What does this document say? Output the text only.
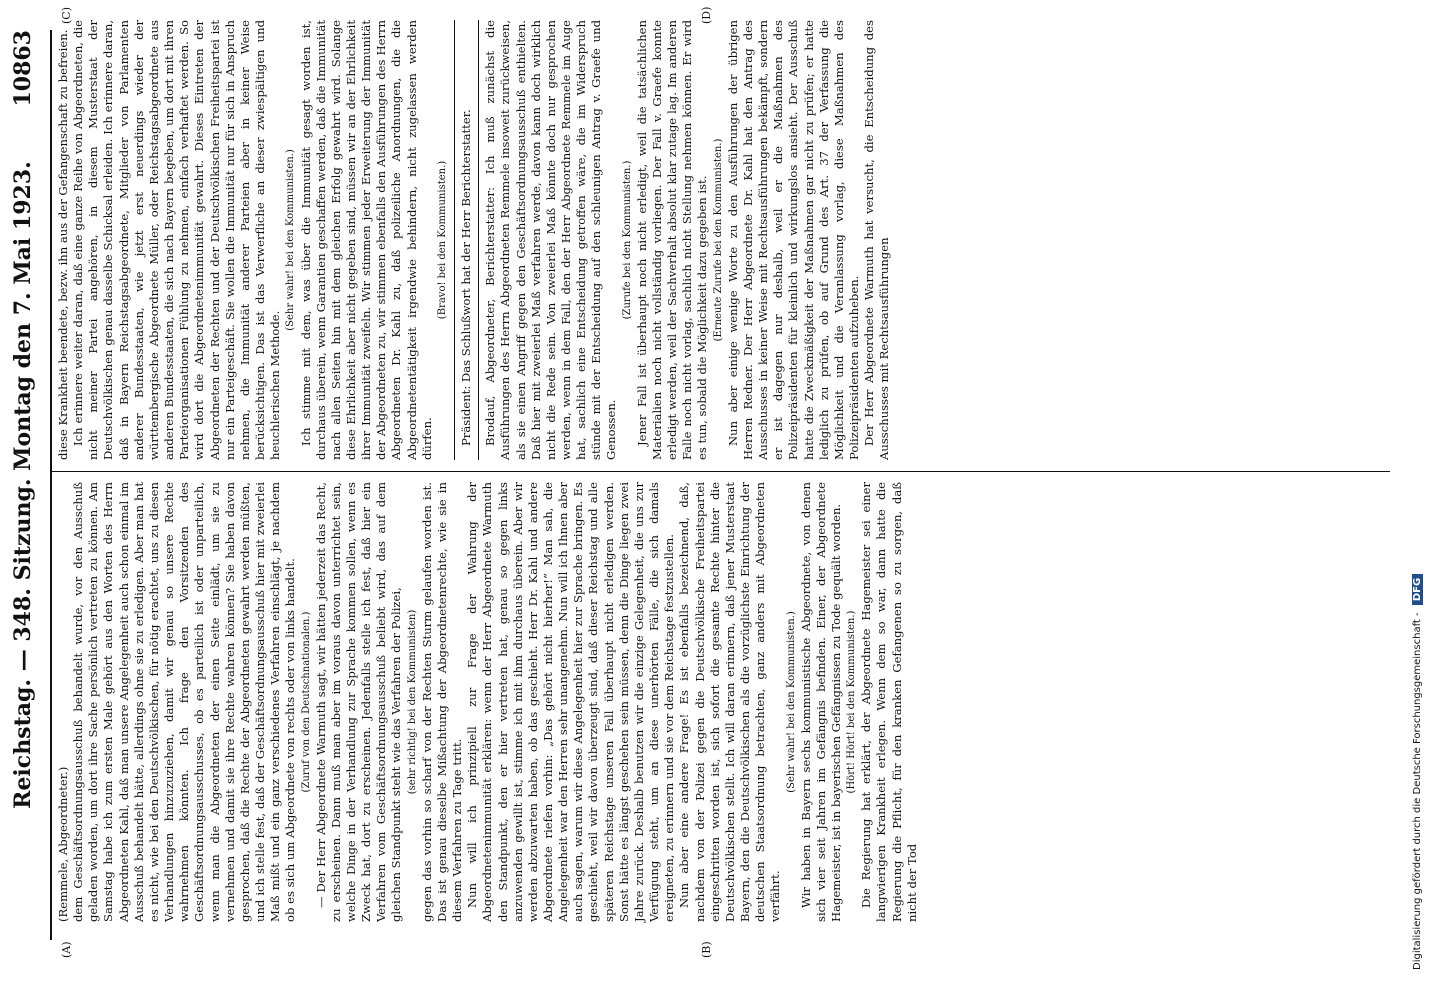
Reichstag. — 348. Sitzung. Montag den 7. Mai 1923.
10863
(A)	(B)
(C)	(D)

(Remmele, Abgeordneter.) dem Geschäftsordnungsausschuß behandelt wurde, vor den Ausschuß geladen worden, um dort ihre Sache persönlich vertreten zu können. Am Samstag habe ich zum ersten Male gehört aus den Worten des Herrn Abgeordneten Kahl, daß man unsere Angelegenheit auch schon einmal im Ausschuß behandelt hätte, allerdings ohne sie zu erledigen. Aber man hat es nicht, wie bei den Deutschvölkischen, für nötig erachtet, uns zu diesen Verhandlungen hinzuzuziehen, damit wir genau so unsere Rechte wahrnehmen könnten. Ich frage den Vorsitzenden des Geschäftsordnungsausschusses, ob es parteilich ist oder unparteilich, wenn man die Abgeordneten der einen Seite einlädt, um sie zu vernehmen und damit sie ihre Rechte wahren können? Sie haben davon gesprochen, daß die Rechte der Abgeordneten gewahrt werden müßten, und ich stelle fest, daß der Geschäftsordnungsausschuß hier mit zweierlei Maß mißt und ein ganz verschiedenes Verfahren einschlägt, je nachdem ob es sich um Abgeordnete von rechts oder von links handelt. (Zuruf von den Deutschnationalen.) — Der Herr Abgeordnete Warmuth sagt, wir hätten jederzeit das Recht, zu erscheinen. Dann muß man aber im voraus davon unterrichtet sein, welche Dinge in der Verhandlung zur Sprache kommen sollen, wenn es Zweck hat, dort zu erscheinen. Jedenfalls stelle ich fest, daß hier ein Verfahren vom Geschäftsordnungsausschuß beliebt wird, das auf dem gleichen Standpunkt steht wie das Verfahren der Polizei, (sehr richtig! bei den Kommunisten) gegen das vorhin so scharf von der Rechten Sturm gelaufen worden ist. Das ist genau dieselbe Mißachtung der Abgeordnetenrechte, wie sie in diesem Verfahren zu Tage tritt. Nun will ich prinzipiell zur Frage der Wahrung der Abgeordnetenimmunität erklären: wenn der Herr Abgeordnete Warmuth den Standpunkt, den er hier vertreten hat, genau so gegen links anzuwenden gewillt ist, stimme ich mit ihm durchaus überein. Aber wir werden abzuwarten haben, ob das geschieht. Herr Dr. Kahl und andere Abgeordnete riefen vorhin: „Das gehört nicht hierher!“ Man sah, die Angelegenheit war den Herren sehr unangenehm. Nun will ich Ihnen aber auch sagen, warum wir diese Angelegenheit hier zur Sprache bringen. Es geschieht, weil wir davon überzeugt sind, daß dieser Reichstag und alle späteren Reichstage unseren Fall überhaupt nicht erledigen werden. Sonst hätte es längst geschehen sein müssen, denn die Dinge liegen zwei Jahre zurück. Deshalb benutzen wir die einzige Gelegenheit, die uns zur Verfügung steht, um an diese unerhörten Fälle, die sich damals ereigneten, zu erinnern und sie vor dem Reichstage festzustellen. Nun aber eine andere Frage! Es ist ebenfalls bezeichnend, daß, nachdem von der Polizei gegen die Deutschvölkische Freiheitspartei eingeschritten worden ist, sich sofort die gesamte Rechte hinter die Deutschvölkischen stellt. Ich will daran erinnern, daß jener Musterstaat Bayern, den die Deutschvölkischen als die vorzüglichste Einrichtung der deutschen Staatsordnung betrachten, ganz anders mit Abgeordneten verfährt.

(Sehr wahr! bei den Kommunisten.) Wir haben in Bayern sechs kommunistische Abgeordnete, von denen sich vier seit Jahren im Gefängnis befinden. Einer, der Abgeordnete Hagemeister, ist in bayerischen Gefängnissen zu Tode gequält worden. (Hört! Hört! bei den Kommunisten.) Die Regierung hat erklärt, der Abgeordnete Hagemeister sei einer langwierigen Krankheit erlegen. Wenn dem so war, dann hatte die Regierung die Pflicht, für den kranken Gefangenen so zu sorgen, daß nicht der Tod

diese Krankheit beendete, bezw. ihn aus der Gefangenschaft zu befreien. Ich erinnere weiter daran, daß eine ganze Reihe von Abgeordneten, die nicht meiner Partei angehören, in diesem Musterstaat der Deutschvölkischen genau dasselbe Schicksal erleiden. Ich erinnere daran, daß in Bayern Reichstagsabgeordnete, Mitglieder von Parlamenten anderer Bundesstaaten, wie jetzt erst neuerdings wieder der württembergische Abgeordnete Müller, oder Reichstagsabgeordnete aus anderen Bundesstaaten, die sich nach Bayern begeben, um dort mit ihren Parteiorganisationen Fühlung zu nehmen, einfach verhaftet werden. So wird dort die Abgeordnetenimmunität gewahrt. Dieses Eintreten der Abgeordneten der Rechten und der Deutschvölkischen Freiheitspartei ist nur ein Parteigeschäft. Sie wollen die Immunität nur für sich in Anspruch nehmen, die Immunität anderer Parteien aber in keiner Weise berücksichtigen. Das ist das Verwerfliche an dieser zwiespältigen und heuchlerischen Methode.

(Sehr wahr! bei den Kommunisten.) Ich stimme mit dem, was über die Immunität gesagt worden ist, durchaus überein, wenn Garantien geschaffen werden, daß die Immunität nach allen Seiten hin mit dem gleichen Erfolg gewahrt wird. Solange diese Ehrlichkeit aber nicht gegeben sind, müssen wir an der Ehrlichkeit ihrer Immunität zweifeln. Wir stimmen jeder Erweiterung der Immunität der Abgeordneten zu, wir stimmen ebenfalls den Ausführungen des Herrn Abgeordneten Dr. Kahl zu, daß polizeiliche Anordnungen, die die Abgeordnetentätigkeit irgendwie behindern, nicht zugelassen werden dürfen.

(Bravo! bei den Kommunisten.) Präsident: Das Schlußwort hat der Herr Berichterstatter. Brodauf, Abgeordneter, Berichterstatter: Ich muß zunächst die Ausführungen des Herrn Abgeordneten Remmele insoweit zurückweisen, als sie einen Angriff gegen den Geschäftsordnungsausschuß enthielten. Daß hier mit zweierlei Maß verfahren werde, davon kann doch wirklich nicht die Rede sein. Von zweierlei Maß könnte doch nur gesprochen werden, wenn in dem Fall, den der Herr Abgeordnete Remmele im Auge hat, sachlich eine Entscheidung getroffen wäre, die im Widerspruch stünde mit der Entscheidung auf den schleunigen Antrag v. Graefe und Genossen.

(Zurufe bei den Kommunisten.) Jener Fall ist überhaupt noch nicht erledigt, weil die tatsächlichen Materialien noch nicht vollständig vorliegen. Der Fall v. Graefe konnte erledigt werden, weil der Sachverhalt absolut klar zutage lag. Im anderen Falle noch nicht vorlag, sachlich nicht Stellung nehmen können. Er wird es tun, sobald die Möglichkeit dazu gegeben ist. (Erneute Zurufe bei den Kommunisten.) Nun aber einige wenige Worte zu den Ausführungen der übrigen Herren Redner. Der Herr Abgeordnete Dr. Kahl hat den Antrag des Ausschusses in keiner Weise mit Rechtsausführungen bekämpft, sondern er ist dagegen nur deshalb, weil er die Maßnahmen des Polizeipräsidenten für kleinlich und wirkungslos ansieht. Der Ausschuß hatte die Zweckmäßigkeit der Maßnahmen gar nicht zu prüfen; er hatte lediglich zu prüfen, ob auf Grund des Art. 37 der Verfassung die Möglichkeit und die Veranlassung vorlag, diese Maßnahmen des Polizeipräsidenten aufzuheben. Der Herr Abgeordnete Warmuth hat versucht, die Entscheidung des Ausschusses mit Rechtsausführungen

Digitalisierung gefördert durch die Deutsche Forschungsgemeinschaft - DFG
